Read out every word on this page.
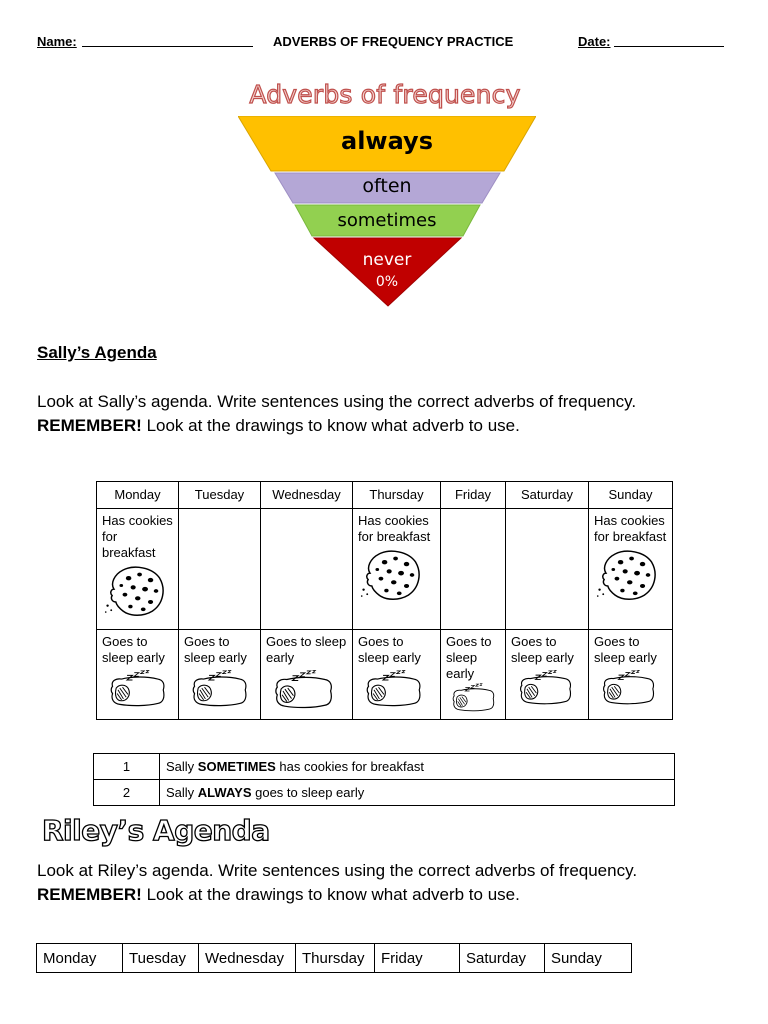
Name:	ADVERBS OF FREQUENCY PRACTICE	Date:
Adverbs of frequency
always
often
sometimes
never
0%
Sally’s Agenda
Look at Sally’s agenda. Write sentences using the correct adverbs of frequency.
REMEMBER! Look at the drawings to know what adverb to use.
Monday	Tuesday	Wednesday	Thursday	Friday	Saturday	Sunday

Has cookies for breakfast			Has cookies for breakfast			Has cookies for breakfast

Goes to sleep early	Goes to sleep early	Goes to sleep early	Goes to sleep early	Goes to sleep early	Goes to sleep early	Goes to sleep early
1	Sally SOMETIMES has cookies for breakfast
2	Sally ALWAYS goes to sleep early
Riley’s Agenda
Look at Riley’s agenda. Write sentences using the correct adverbs of frequency.
REMEMBER! Look at the drawings to know what adverb to use.
Monday	Tuesday	Wednesday	Thursday	Friday	Saturday	Sunday
